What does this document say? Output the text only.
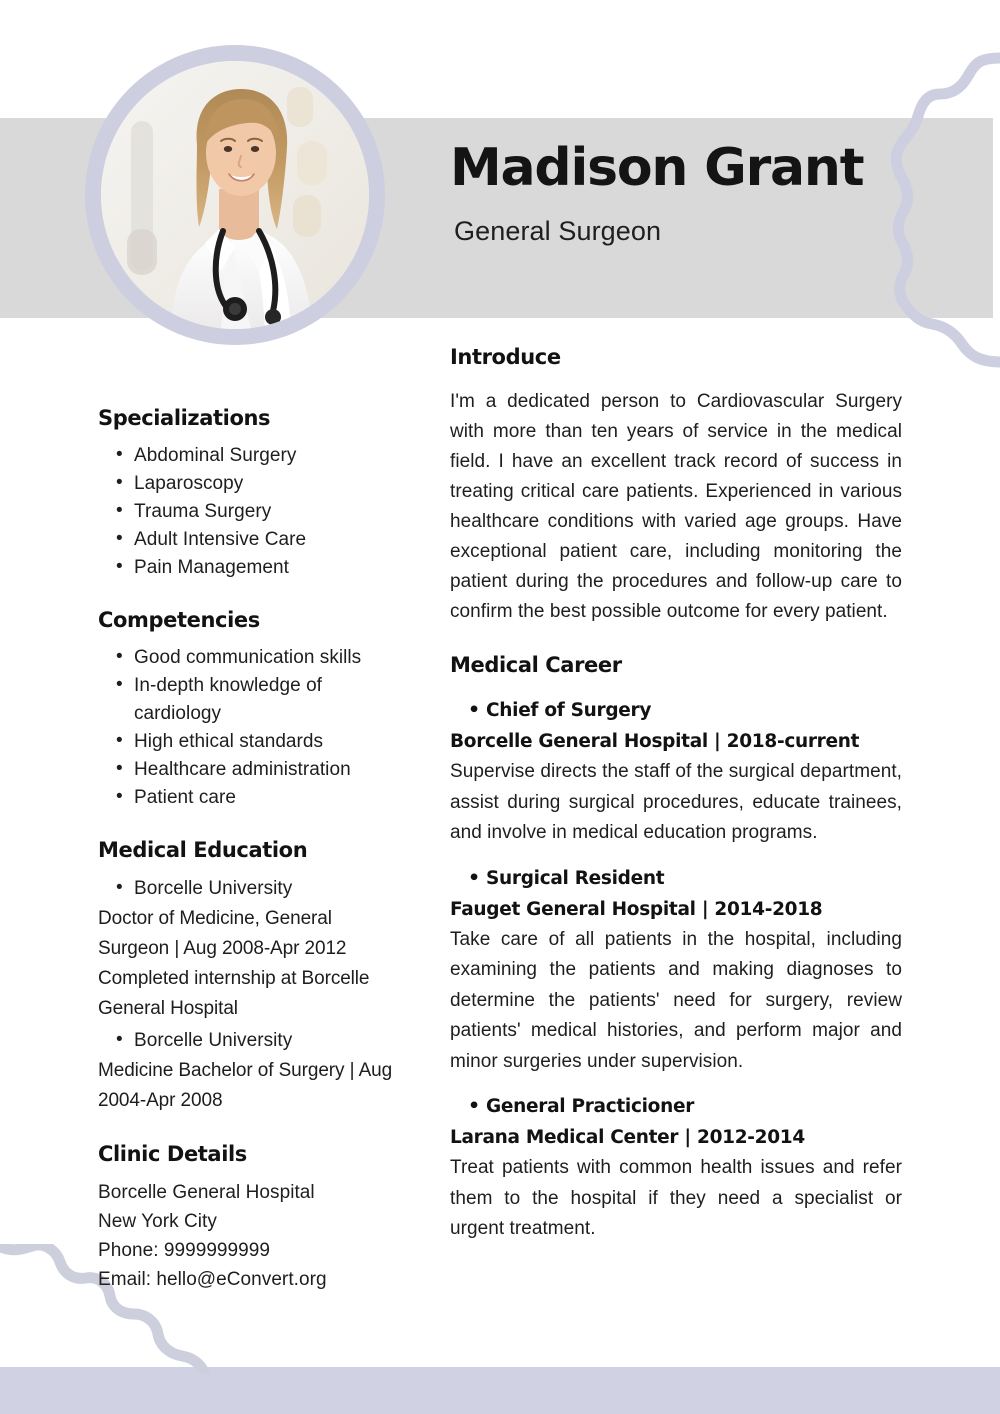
Madison Grant
General Surgeon
Specializations
• Abdominal Surgery
• Laparoscopy
• Trauma Surgery
• Adult Intensive Care
• Pain Management
Competencies
• Good communication skills
• In-depth knowledge of cardiology
• High ethical standards
• Healthcare administration
• Patient care
Medical Education
• Borcelle University

Doctor of Medicine, General Surgeon | Aug 2008-Apr 2012 Completed internship at Borcelle General Hospital

• Borcelle University

Medicine Bachelor of Surgery | Aug 2004-Apr 2008

Clinic Details
Borcelle General Hospital
New York City
Phone: 9999999999
Email: hello@eConvert.org
Introduce

I'm a dedicated person to Cardiovascular Surgery with more than ten years of service in the medical field. I have an excellent track record of success in treating critical care patients. Experienced in various healthcare conditions with varied age groups. Have exceptional patient care, including monitoring the patient during the procedures and follow-up care to confirm the best possible outcome for every patient.

Medical Career
• Chief of Surgery
Borcelle General Hospital | 2018-current

Supervise directs the staff of the surgical department, assist during surgical procedures, educate trainees, and involve in medical education programs.

• Surgical Resident
Fauget General Hospital | 2014-2018

Take care of all patients in the hospital, including examining the patients and making diagnoses to determine the patients' need for surgery, review patients' medical histories, and perform major and minor surgeries under supervision.

• General Practicioner
Larana Medical Center | 2012-2014

Treat patients with common health issues and refer them to the hospital if they need a specialist or urgent treatment.
